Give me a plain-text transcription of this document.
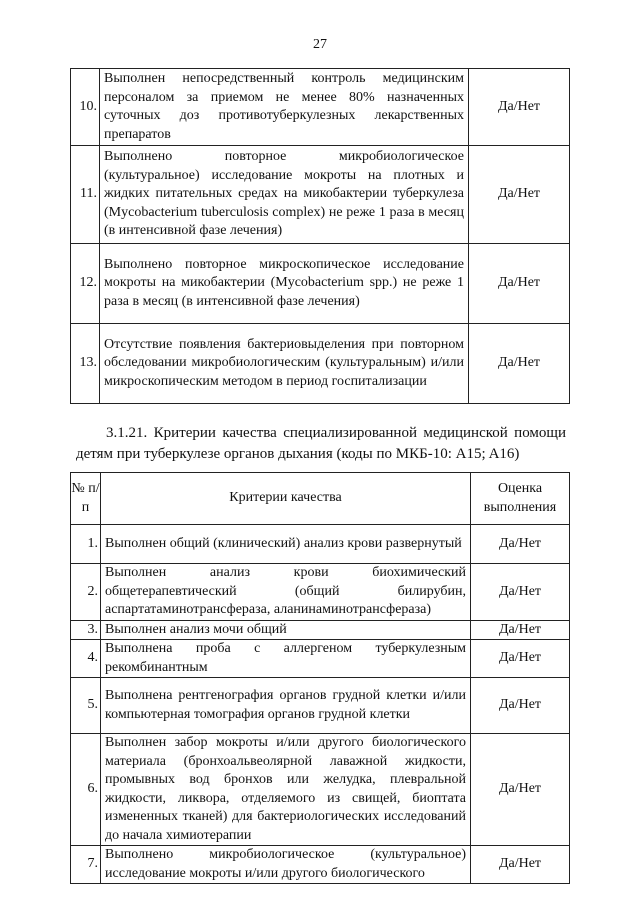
27
10.	Выполнен непосредственный контроль медицинским персоналом за приемом не менее 80% назначенных суточных доз противотуберкулезных лекарственных препаратов	Да/Нет
11.	Выполнено повторное микробиологическое (культуральное) исследование мокроты на плотных и жидких питательных средах на микобактерии туберкулеза (Mycobacterium tuberculosis complex) не реже 1 раза в месяц (в интенсивной фазе лечения)	Да/Нет
12.	Выполнено повторное микроскопическое исследование мокроты на микобактерии (Mycobacterium spp.) не реже 1 раза в месяц (в интенсивной фазе лечения)	Да/Нет
13.	Отсутствие появления бактериовыделения при повторном обследовании микробиологическим (культуральным) и/или микроскопическим методом в период госпитализации	Да/Нет
3.1.21. Критерии качества специализированной медицинской помощи детям при туберкулезе органов дыхания (коды по МКБ-10: A15; A16)
№ п/п	Критерии качества	Оценка выполнения
1.	Выполнен общий (клинический) анализ крови развернутый	Да/Нет
2.	Выполнен анализ крови биохимический общетерапевтический (общий билирубин, аспартатаминотрансфераза, аланинаминотрансфераза)	Да/Нет
3.	Выполнен анализ мочи общий	Да/Нет
4.	Выполнена проба с аллергеном туберкулезным рекомбинантным	Да/Нет
5.	Выполнена рентгенография органов грудной клетки и/или компьютерная томография органов грудной клетки	Да/Нет
6.	Выполнен забор мокроты и/или другого биологического материала (бронхоальвеолярной лаважной жидкости, промывных вод бронхов или желудка, плевральной жидкости, ликвора, отделяемого из свищей, биоптата измененных тканей) для бактериологических исследований до начала химиотерапии	Да/Нет
7.	Выполнено микробиологическое (культуральное) исследование мокроты и/или другого биологического	Да/Нет
